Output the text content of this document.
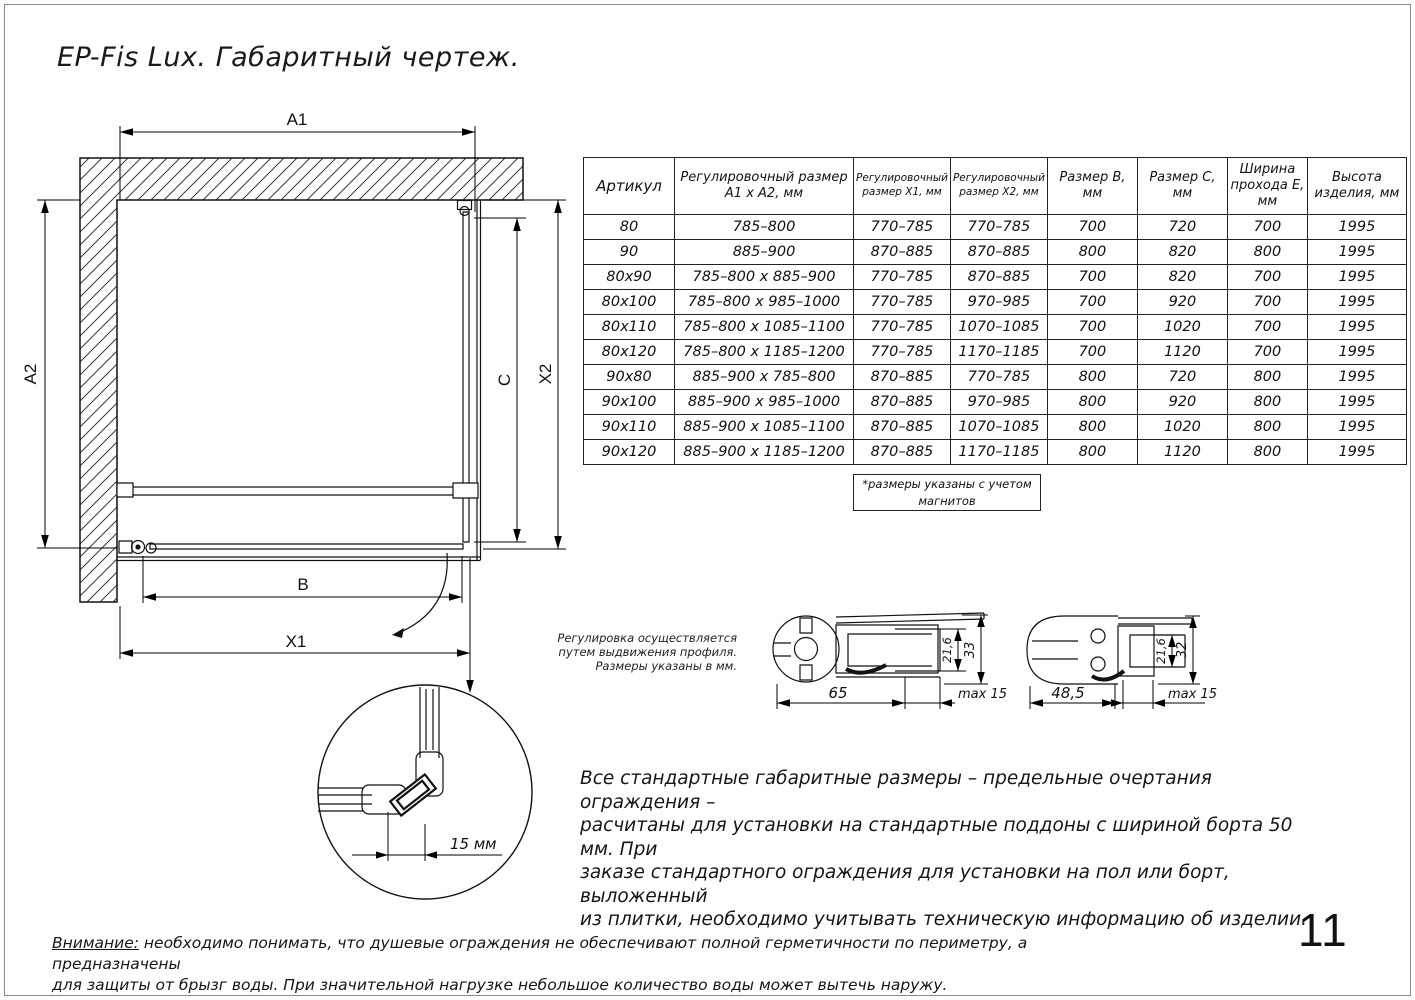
EP-Fis Lux. Габаритный чертеж.
A1
A2	X2
C
B
X1
15 мм
65	max 15
21,6 33
48,5	max 15
21,6 32
Артикул	Регулировочный размер А1 х А2, мм	Регулировочный размер Х1, мм	Регулировочный размер Х2, мм	Размер В, мм	Размер С, мм	Ширина прохода Е, мм	Высота изделия, мм
80	785–800	770–785	770–785	700	720	700	1995
90	885–900	870–885	870–885	800	820	800	1995
80х90	785–800 х 885–900	770–785	870–885	700	820	700	1995
80х100	785–800 х 985–1000	770–785	970–985	700	920	700	1995
80х110	785–800 х 1085–1100	770–785	1070–1085	700	1020	700	1995
80х120	785–800 х 1185–1200	770–785	1170–1185	700	1120	700	1995
90х80	885–900 х 785–800	870–885	770–785	800	720	800	1995
90х100	885–900 х 985–1000	870–885	970–985	800	920	800	1995
90х110	885–900 х 1085–1100	870–885	1070–1085	800	1020	800	1995
90х120	885–900 х 1185–1200	870–885	1170–1185	800	1120	800	1995
*размеры указаны с учетом магнитов
Регулировка осуществляется
путем выдвижения профиля.
Размеры указаны в мм.
Все стандартные габаритные размеры – предельные очертания ограждения –
расчитаны для установки на стандартные поддоны с шириной борта 50 мм. При
заказе стандартного ограждения для установки на пол или борт, выложенный
из плитки, необходимо учитывать техническую информацию об изделии.
Внимание: необходимо понимать, что душевые ограждения не обеспечивают полной герметичности по периметру, а предназначены
для защиты от брызг воды. При значительной нагрузке небольшое количество воды может вытечь наружу.
11
